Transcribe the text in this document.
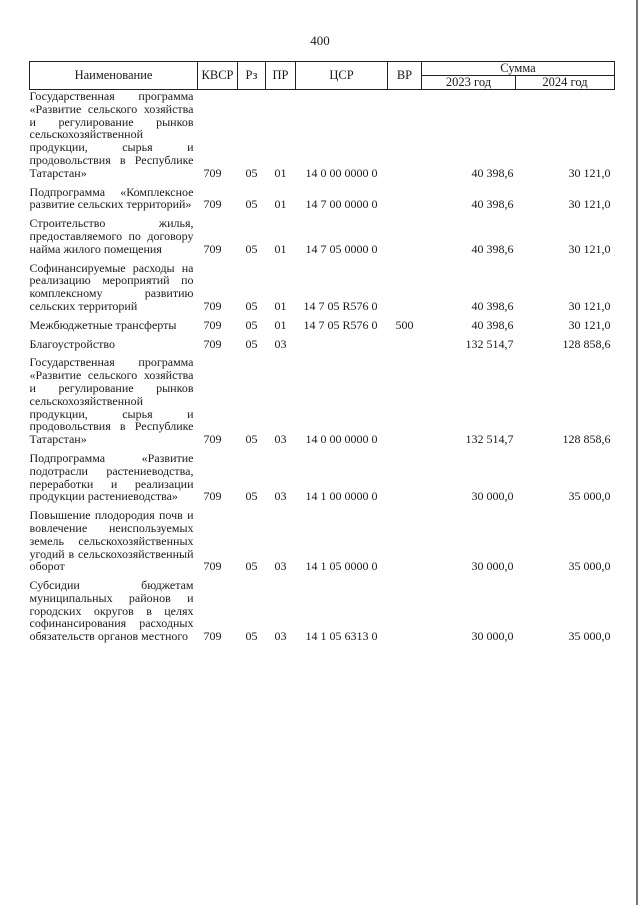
400
Наименование	КВСР	Рз	ПР	ЦСР	ВР	Сумма	
						2023 год	2024 год
Государственная программа «Развитие сельского хозяйства и регулирование рынков сельскохозяйственной продукции, сырья и продовольствия в Республике Татарстан»	709	05	01	14 0 00 0000 0		40 398,6	30 121,0

Подпрограмма «Комплексное развитие сельских территорий»	709	05	01	14 7 00 0000 0		40 398,6	30 121,0

Строительство жилья, предоставляемого по договору найма жилого помещения	709	05	01	14 7 05 0000 0		40 398,6	30 121,0

Софинансируемые расходы на реализацию мероприятий по комплексному развитию сельских территорий	709	05	01	14 7 05 R576 0		40 398,6	30 121,0

Межбюджетные трансферты	709	05	01	14 7 05 R576 0	500	40 398,6	30 121,0

Благоустройство	709	05	03			132 514,7	128 858,6

Государственная программа «Развитие сельского хозяйства и регулирование рынков сельскохозяйственной продукции, сырья и продовольствия в Республике Татарстан»	709	05	03	14 0 00 0000 0		132 514,7	128 858,6

Подпрограмма «Развитие подотрасли растениеводства, переработки и реализации продукции растениеводства»	709	05	03	14 1 00 0000 0		30 000,0	35 000,0

Повышение плодородия почв и вовлечение неиспользуемых земель сельскохозяйственных угодий в сельскохозяйственный оборот	709	05	03	14 1 05 0000 0		30 000,0	35 000,0

Субсидии бюджетам муниципальных районов и городских округов в целях софинансирования расходных обязательств органов местного	709	05	03	14 1 05 6313 0		30 000,0	35 000,0
